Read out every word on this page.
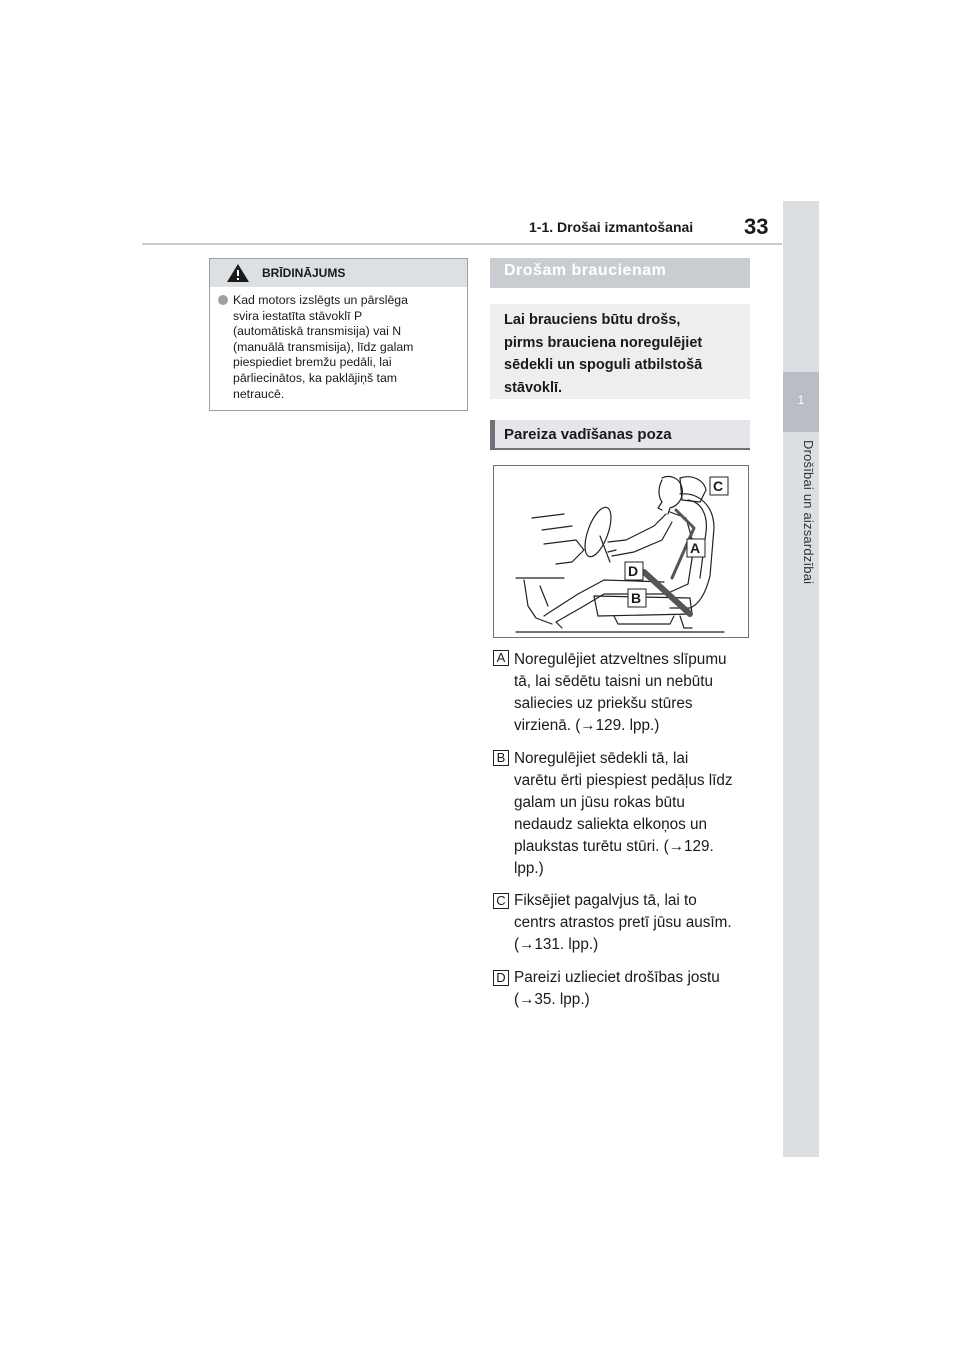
1-1. Drošai izmantošanai 33
1
Drošībai un aizsardzībai
BRĪDINĀJUMS
Kad motors izslēgts un pārslēga
svira iestatīta stāvoklī P
(automātiskā transmisija) vai N
(manuālā transmisija), līdz galam
piespiediet bremžu pedāli, lai
pārliecinātos, ka paklājiņš tam
netraucē.
Drošam braucienam
Lai brauciens būtu drošs,
pirms brauciena noregulējiet
sēdekli un spoguli atbilstošā
stāvoklī.
Pareiza vadīšanas poza
C
A
D
B
A Noregulējiet atzveltnes slīpumu
tā, lai sēdētu taisni un nebūtu
saliecies uz priekšu stūres
virzienā. (→129. lpp.)
B Noregulējiet sēdekli tā, lai
varētu ērti piespiest pedāļus līdz
galam un jūsu rokas būtu
nedaudz saliekta elkoņos un
plaukstas turētu stūri. (→129.
lpp.)
C Fiksējiet pagalvjus tā, lai to
centrs atrastos pretī jūsu ausīm.
(→131. lpp.)
D Pareizi uzlieciet drošības jostu
(→35. lpp.)
